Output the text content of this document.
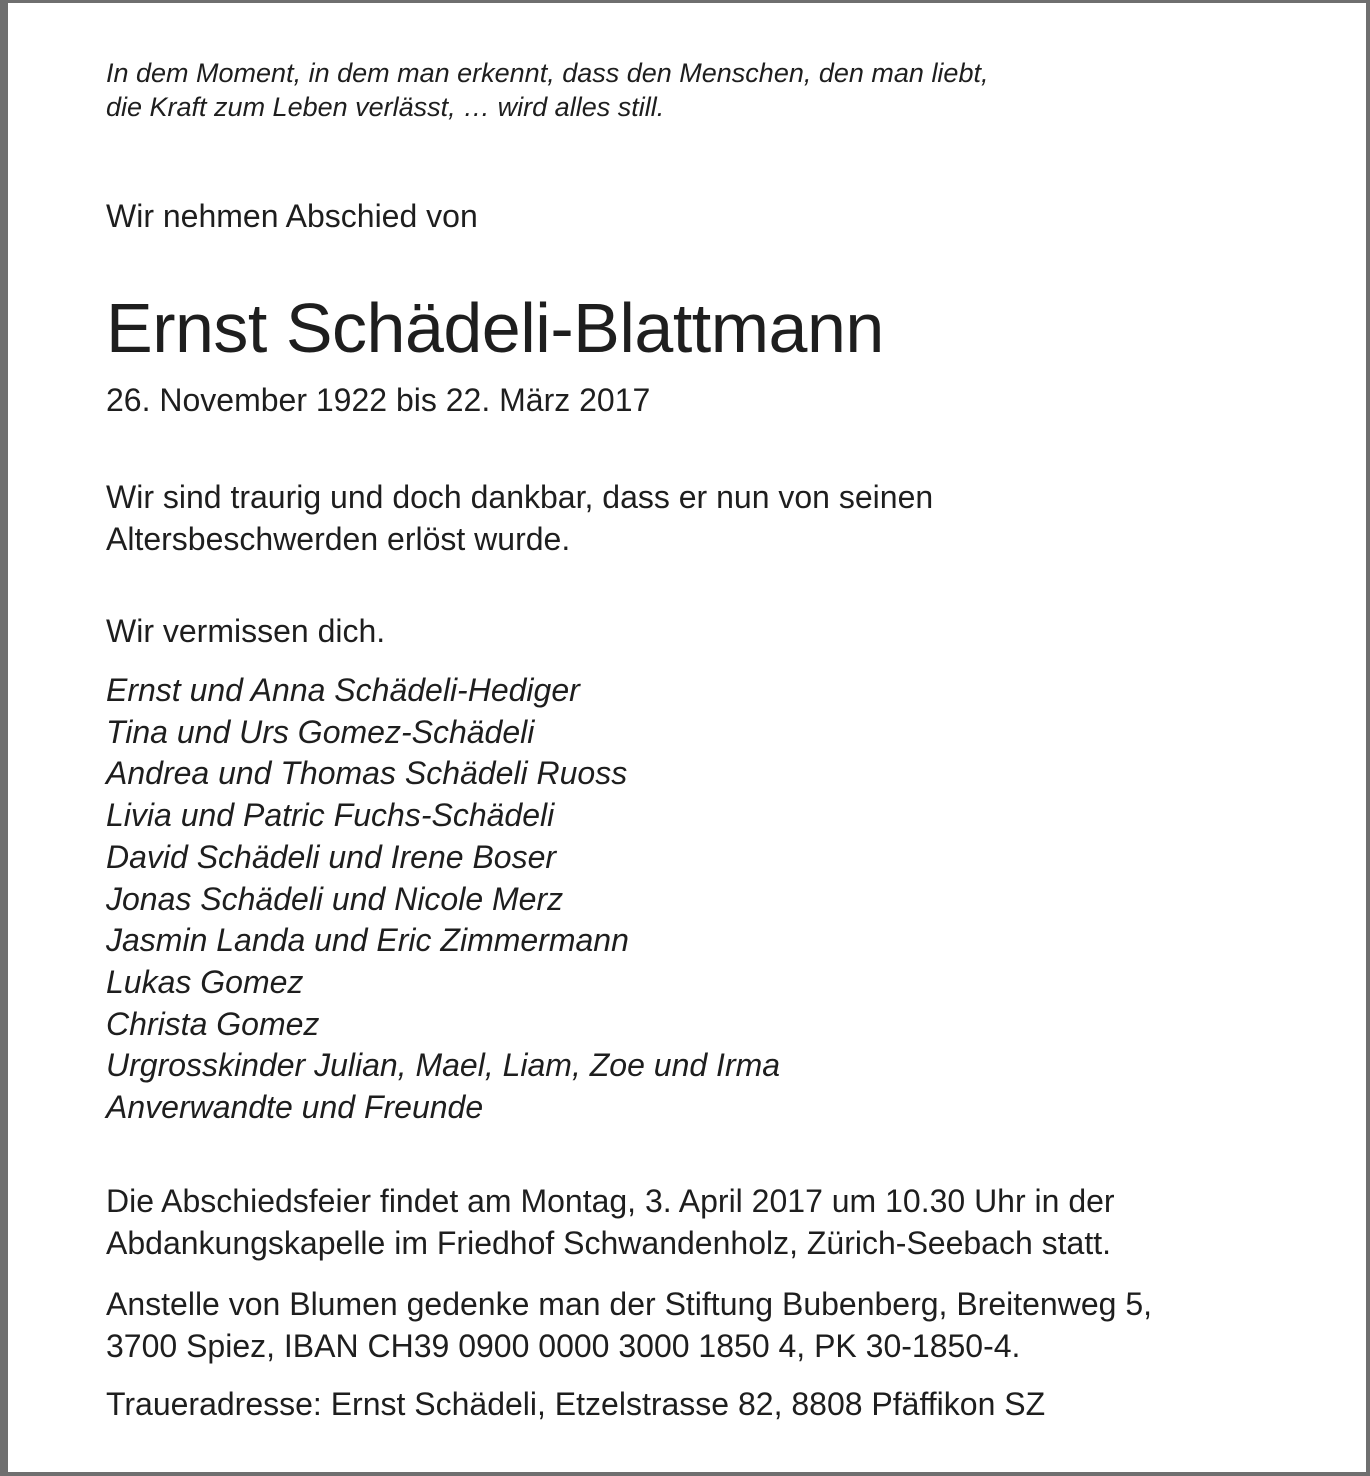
In dem Moment, in dem man erkennt, dass den Menschen, den man liebt,
die Kraft zum Leben verlässt, … wird alles still.

Wir nehmen Abschied von

Ernst Schädeli-Blattmann

26. November 1922 bis 22. März 2017

Wir sind traurig und doch dankbar, dass er nun von seinen
Altersbeschwerden erlöst wurde.

Wir vermissen dich.

Ernst und Anna Schädeli-Hediger
Tina und Urs Gomez-Schädeli
Andrea und Thomas Schädeli Ruoss
Livia und Patric Fuchs-Schädeli
David Schädeli und Irene Boser
Jonas Schädeli und Nicole Merz
Jasmin Landa und Eric Zimmermann
Lukas Gomez
Christa Gomez
Urgrosskinder Julian, Mael, Liam, Zoe und Irma
Anverwandte und Freunde

Die Abschiedsfeier findet am Montag, 3. April 2017 um 10.30 Uhr in der
Abdankungskapelle im Friedhof Schwandenholz, Zürich-Seebach statt.

Anstelle von Blumen gedenke man der Stiftung Bubenberg, Breitenweg 5,
3700 Spiez, IBAN CH39 0900 0000 3000 1850 4, PK 30-1850-4.

Traueradresse: Ernst Schädeli, Etzelstrasse 82, 8808 Pfäffikon SZ
